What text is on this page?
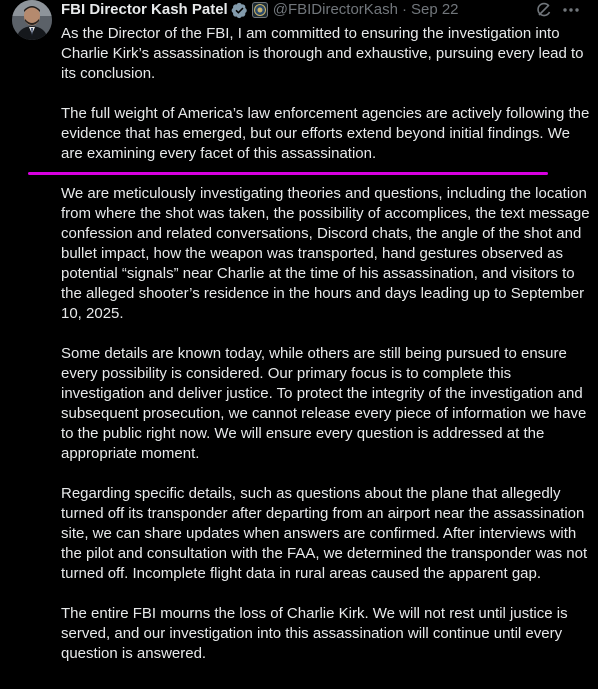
FBI Director Kash Patel	@FBIDirectorKash · Sep 22

As the Director of the FBI, I am committed to ensuring the investigation into Charlie Kirk’s assassination is thorough and exhaustive, pursuing every lead to its conclusion.

The full weight of America’s law enforcement agencies are actively following the evidence that has emerged, but our efforts extend beyond initial findings. We are examining every facet of this assassination.

We are meticulously investigating theories and questions, including the location from where the shot was taken, the possibility of accomplices, the text message confession and related conversations, Discord chats, the angle of the shot and bullet impact, how the weapon was transported, hand gestures observed as potential “signals” near Charlie at the time of his assassination, and visitors to the alleged shooter’s residence in the hours and days leading up to September 10, 2025.

Some details are known today, while others are still being pursued to ensure every possibility is considered. Our primary focus is to complete this investigation and deliver justice. To protect the integrity of the investigation and subsequent prosecution, we cannot release every piece of information we have to the public right now. We will ensure every question is addressed at the appropriate moment.

Regarding specific details, such as questions about the plane that allegedly turned off its transponder after departing from an airport near the assassination site, we can share updates when answers are confirmed. After interviews with the pilot and consultation with the FAA, we determined the transponder was not turned off. Incomplete flight data in rural areas caused the apparent gap.

The entire FBI mourns the loss of Charlie Kirk. We will not rest until justice is served, and our investigation into this assassination will continue until every question is answered.
